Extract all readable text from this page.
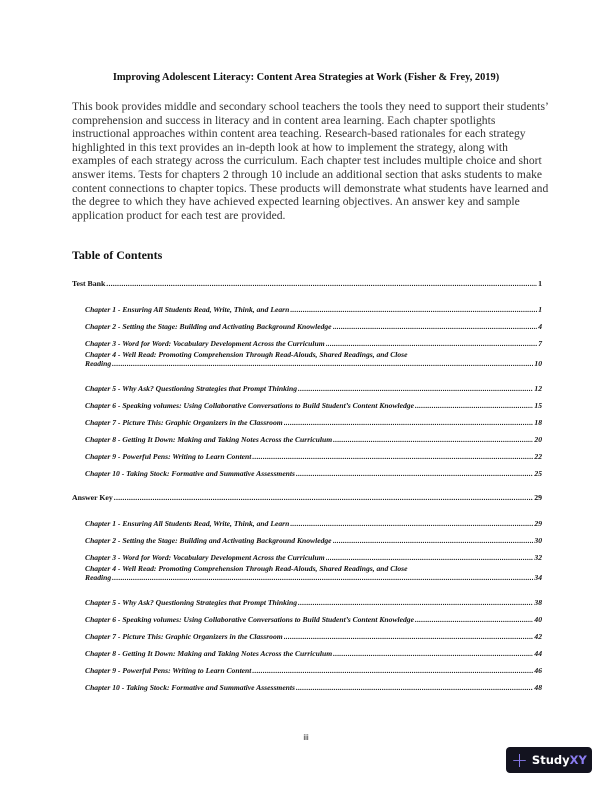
Improving Adolescent Literacy: Content Area Strategies at Work (Fisher & Frey, 2019)
This book provides middle and secondary school teachers the tools they need to support their students’ comprehension and success in literacy and in content area learning. Each chapter spotlights instructional approaches within content area teaching. Research-based rationales for each strategy highlighted in this text provides an in-depth look at how to implement the strategy, along with examples of each strategy across the curriculum. Each chapter test includes multiple choice and short answer items. Tests for chapters 2 through 10 include an additional section that asks students to make content connections to chapter topics. These products will demonstrate what students have learned and the degree to which they have achieved expected learning objectives. An answer key and sample application product for each test are provided.
Table of Contents
Test Bank .....	1
Chapter 1 - Ensuring All Students Read, Write, Think, and Learn .....	1
Chapter 2 - Setting the Stage: Building and Activating Background Knowledge .....	4
Chapter 3 - Word for Word: Vocabulary Development Across the Curriculum .....	7
Chapter 4 - Well Read: Promoting Comprehension Through Read-Alouds, Shared Readings, and Close
Reading .....	10
Chapter 5 - Why Ask? Questioning Strategies that Prompt Thinking .....	12
Chapter 6 - Speaking volumes: Using Collaborative Conversations to Build Student’s Content Knowledge .....	15
Chapter 7 - Picture This: Graphic Organizers in the Classroom .....	18
Chapter 8 - Getting It Down: Making and Taking Notes Across the Curriculum .....	20
Chapter 9 - Powerful Pens: Writing to Learn Content .....	22
Chapter 10 - Taking Stock: Formative and Summative Assessments .....	25
Answer Key .....	29
Chapter 1 - Ensuring All Students Read, Write, Think, and Learn .....	29
Chapter 2 - Setting the Stage: Building and Activating Background Knowledge .....	30
Chapter 3 - Word for Word: Vocabulary Development Across the Curriculum .....	32
Chapter 4 - Well Read: Promoting Comprehension Through Read-Alouds, Shared Readings, and Close
Reading .....	34
Chapter 5 - Why Ask? Questioning Strategies that Prompt Thinking .....	38
Chapter 6 - Speaking volumes: Using Collaborative Conversations to Build Student’s Content Knowledge .....	40
Chapter 7 - Picture This: Graphic Organizers in the Classroom .....	42
Chapter 8 - Getting It Down: Making and Taking Notes Across the Curriculum .....	44
Chapter 9 - Powerful Pens: Writing to Learn Content .....	46
Chapter 10 - Taking Stock: Formative and Summative Assessments .....	48
iii
+ StudyXY
